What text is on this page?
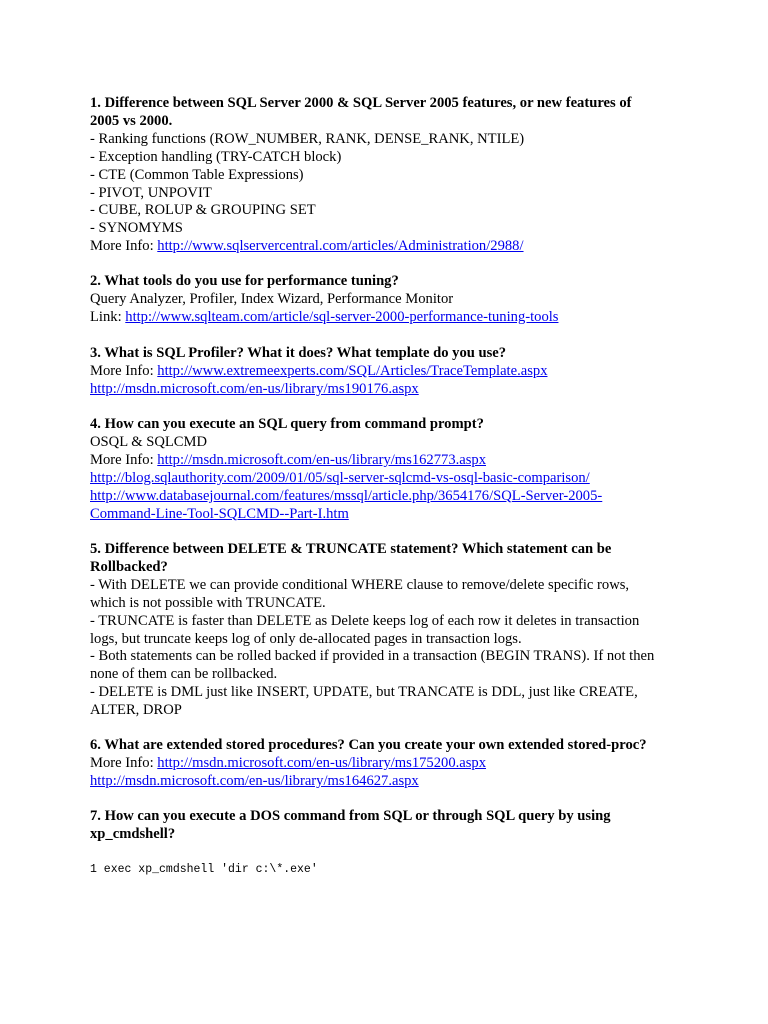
1. Difference between SQL Server 2000 & SQL Server 2005 features, or new features of

2005 vs 2000.

- Ranking functions (ROW_NUMBER, RANK, DENSE_RANK, NTILE)

- Exception handling (TRY-CATCH block)

- CTE (Common Table Expressions)

- PIVOT, UNPOVIT

- CUBE, ROLUP & GROUPING SET

- SYNOMYMS

More Info: http://www.sqlservercentral.com/articles/Administration/2988/

2. What tools do you use for performance tuning?

Query Analyzer, Profiler, Index Wizard, Performance Monitor

Link: http://www.sqlteam.com/article/sql-server-2000-performance-tuning-tools

3. What is SQL Profiler? What it does? What template do you use?

More Info: http://www.extremeexperts.com/SQL/Articles/TraceTemplate.aspx

http://msdn.microsoft.com/en-us/library/ms190176.aspx

4. How can you execute an SQL query from command prompt?

OSQL & SQLCMD

More Info: http://msdn.microsoft.com/en-us/library/ms162773.aspx

http://blog.sqlauthority.com/2009/01/05/sql-server-sqlcmd-vs-osql-basic-comparison/

http://www.databasejournal.com/features/mssql/article.php/3654176/SQL-Server-2005-

Command-Line-Tool-SQLCMD--Part-I.htm

5. Difference between DELETE & TRUNCATE statement? Which statement can be

Rollbacked?

- With DELETE we can provide conditional WHERE clause to remove/delete specific rows,

which is not possible with TRUNCATE.

- TRUNCATE is faster than DELETE as Delete keeps log of each row it deletes in transaction

logs, but truncate keeps log of only de-allocated pages in transaction logs.

- Both statements can be rolled backed if provided in a transaction (BEGIN TRANS). If not then

none of them can be rollbacked.

- DELETE is DML just like INSERT, UPDATE, but TRANCATE is DDL, just like CREATE,

ALTER, DROP

6. What are extended stored procedures? Can you create your own extended stored-proc?

More Info: http://msdn.microsoft.com/en-us/library/ms175200.aspx

http://msdn.microsoft.com/en-us/library/ms164627.aspx

7. How can you execute a DOS command from SQL or through SQL query by using

xp_cmdshell?

1 exec xp_cmdshell 'dir c:\*.exe'
